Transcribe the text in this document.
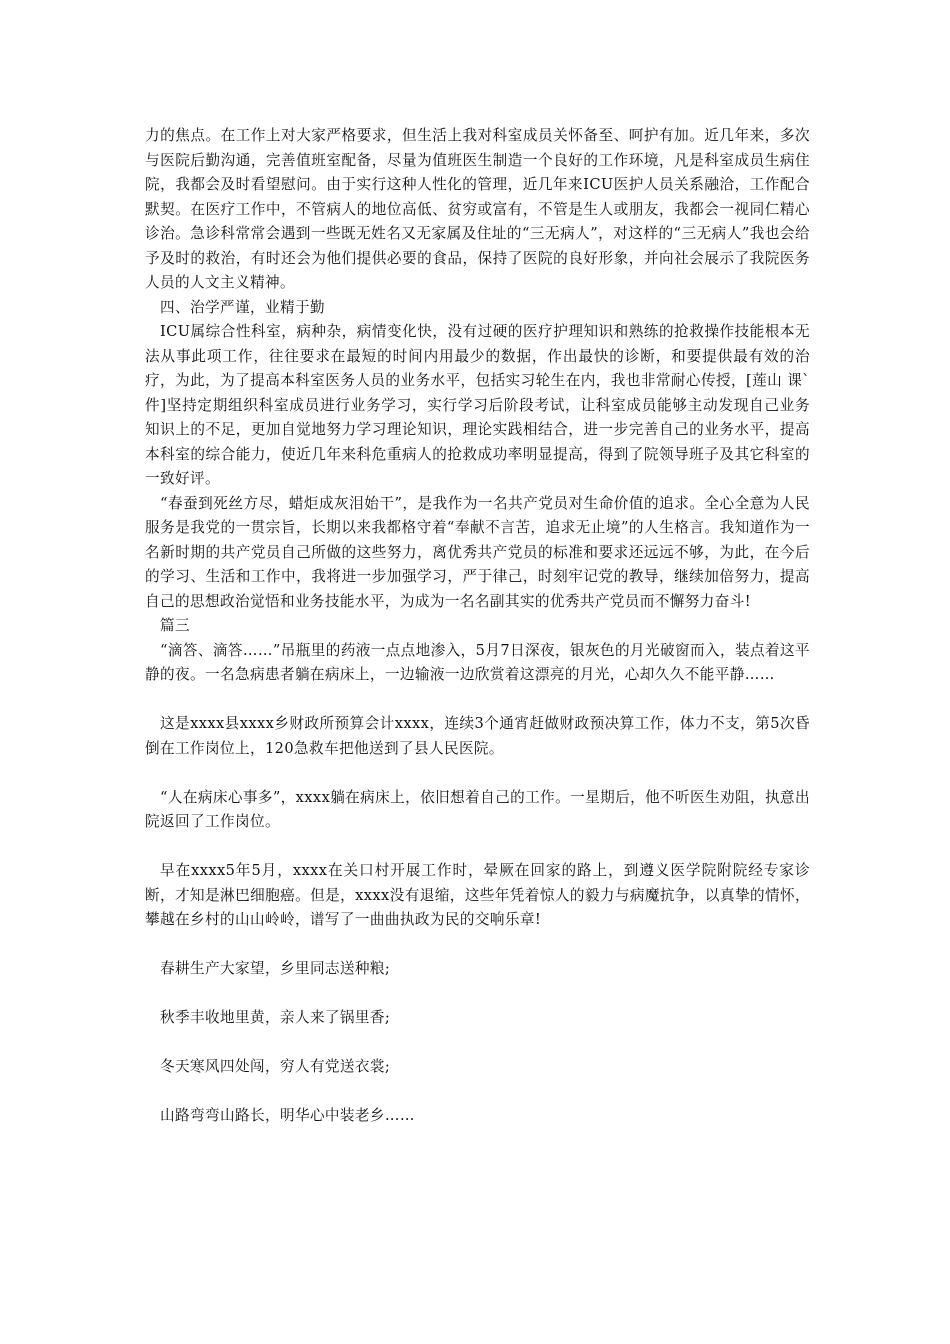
力的焦点。在工作上对大家严格要求，但生活上我对科室成员关怀备至、呵护有加。近几年来，多次与医院后勤沟通，完善值班室配备，尽量为值班医生制造一个良好的工作环境，凡是科室成员生病住院，我都会及时看望慰问。由于实行这种人性化的管理，近几年来ICU医护人员关系融洽，工作配合默契。在医疗工作中，不管病人的地位高低、贫穷或富有，不管是生人或朋友，我都会一视同仁精心诊治。急诊科常常会遇到一些既无姓名又无家属及住址的“三无病人”，对这样的“三无病人”我也会给予及时的救治，有时还会为他们提供必要的食品，保持了医院的良好形象，并向社会展示了我院医务人员的人文主义精神。

四、治学严谨，业精于勤

ICU属综合性科室，病种杂，病情变化快，没有过硬的医疗护理知识和熟练的抢救操作技能根本无法从事此项工作，往往要求在最短的时间内用最少的数据，作出最快的诊断，和要提供最有效的治疗，为此，为了提高本科室医务人员的业务水平，包括实习轮生在内，我也非常耐心传授，[莲山 课`件]坚持定期组织科室成员进行业务学习，实行学习后阶段考试，让科室成员能够主动发现自己业务知识上的不足，更加自觉地努力学习理论知识，理论实践相结合，进一步完善自己的业务水平，提高本科室的综合能力，使近几年来科危重病人的抢救成功率明显提高，得到了院领导班子及其它科室的一致好评。

“春蚕到死丝方尽，蜡炬成灰泪始干”，是我作为一名共产党员对生命价值的追求。全心全意为人民服务是我党的一贯宗旨，长期以来我都格守着“奉献不言苦，追求无止境”的人生格言。我知道作为一名新时期的共产党员自己所做的这些努力，离优秀共产党员的标准和要求还远远不够，为此，在今后的学习、生活和工作中，我将进一步加强学习，严于律己，时刻牢记党的教导，继续加倍努力，提高自己的思想政治觉悟和业务技能水平，为成为一名名副其实的优秀共产党员而不懈努力奋斗!

篇三

“滴答、滴答……”吊瓶里的药液一点点地渗入，5月7日深夜，银灰色的月光破窗而入，装点着这平静的夜。一名急病患者躺在病床上，一边输液一边欣赏着这漂亮的月光，心却久久不能平静……

这是xxxx县xxxx乡财政所预算会计xxxx，连续3个通宵赶做财政预决算工作，体力不支，第5次昏倒在工作岗位上，120急救车把他送到了县人民医院。

“人在病床心事多”，xxxx躺在病床上，依旧想着自己的工作。一星期后，他不听医生劝阻，执意出院返回了工作岗位。

早在xxxx5年5月，xxxx在关口村开展工作时，晕厥在回家的路上，到遵义医学院附院经专家诊断，才知是淋巴细胞癌。但是，xxxx没有退缩，这些年凭着惊人的毅力与病魔抗争，以真挚的情怀，攀越在乡村的山山岭岭，谱写了一曲曲执政为民的交响乐章!

春耕生产大家望，乡里同志送种粮;

秋季丰收地里黄，亲人来了锅里香;

冬天寒风四处闯，穷人有党送衣裳;

山路弯弯山路长，明华心中装老乡……
